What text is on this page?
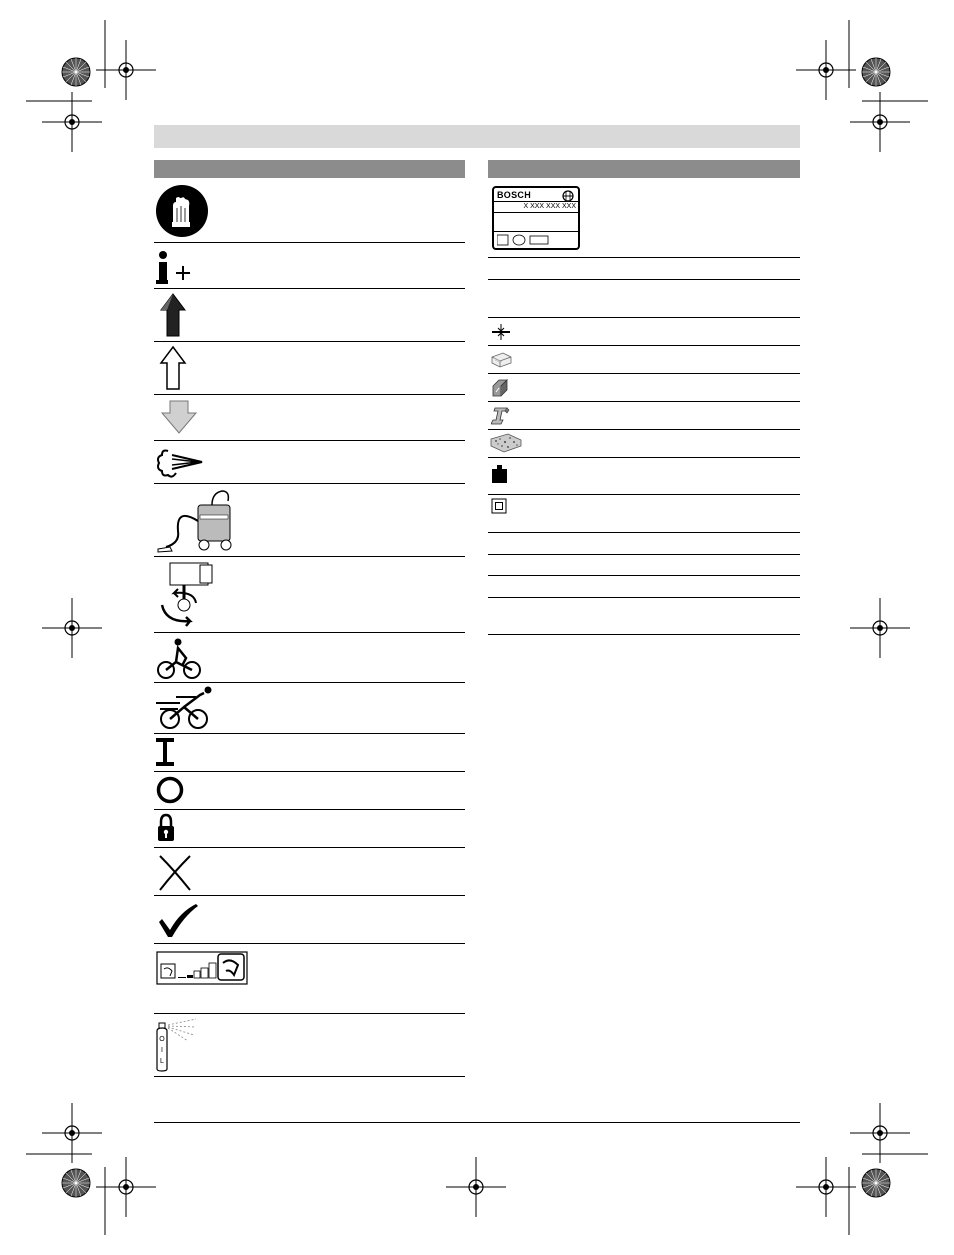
O
I
L
BOSCH
X XXX XXX XXX
